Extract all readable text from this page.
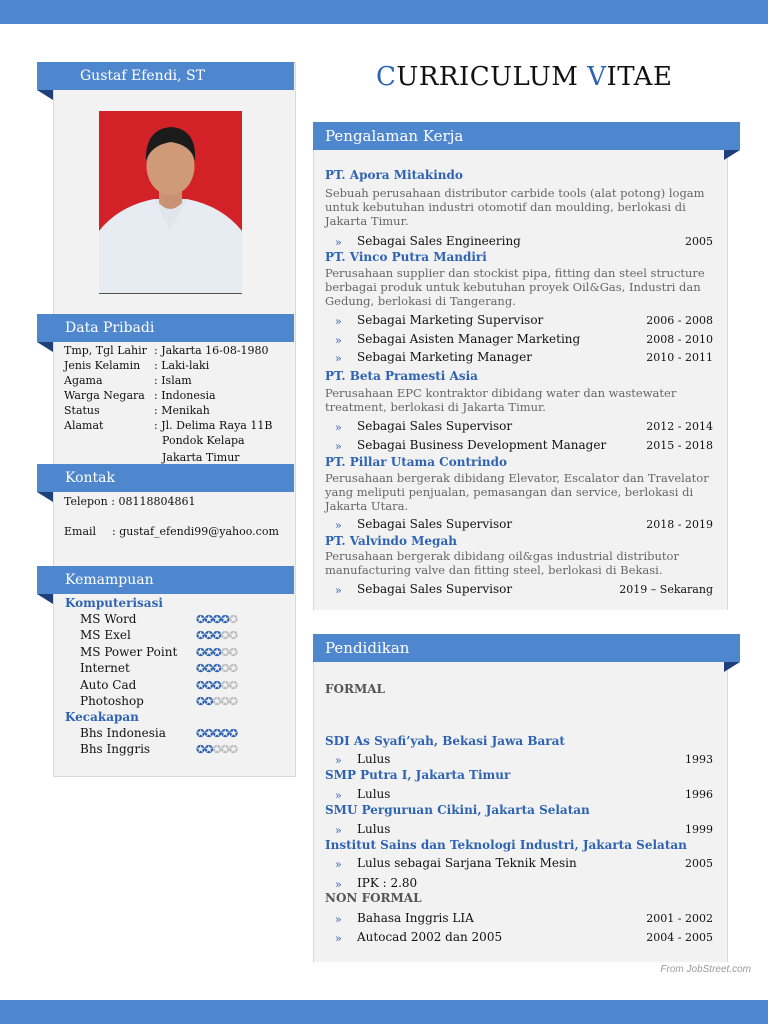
Gustaf Efendi, ST
Data Pribadi
Tmp, Tgl Lahir : Jakarta 16-08-1980
Jenis Kelamin	: Laki-laki
Agama	: Islam
Warga Negara : Indonesia
Status	: Menikah
Alamat	: Jl. Delima Raya 11B
Pondok Kelapa
Jakarta Timur
Kontak
Telepon : 08118804861
Email : gustaf_efendi99@yahoo.com
Kemampuan
Komputerisasi
MS Word	✪✪✪✪✪
MS Exel	✪✪✪✪✪
MS Power Point ✪✪✪✪✪
Internet	✪✪✪✪✪
Auto Cad	✪✪✪✪✪
Photoshop	✪✪✪✪✪
Kecakapan
Bhs Indonesia	✪✪✪✪✪
Bhs Inggris	✪✪✪✪✪
CURRICULUM VITAE
Pengalaman Kerja
PT. Apora Mitakindo
Sebuah perusahaan distributor carbide tools (alat potong) logam untuk kebutuhan industri otomotif dan moulding, berlokasi di Jakarta Timur.
» Sebagai Sales Engineering	2005
PT. Vinco Putra Mandiri
Perusahaan supplier dan stockist pipa, fitting dan steel structure berbagai produk untuk kebutuhan proyek Oil&Gas, Industri dan Gedung, berlokasi di Tangerang.
» Sebagai Marketing Supervisor	2006 - 2008
» Sebagai Asisten Manager Marketing	2008 - 2010
» Sebagai Marketing Manager	2010 - 2011
PT. Beta Pramesti Asia
Perusahaan EPC kontraktor dibidang water dan wastewater treatment, berlokasi di Jakarta Timur.
» Sebagai Sales Supervisor	2012 - 2014
» Sebagai Business Development Manager	2015 - 2018
PT. Pillar Utama Contrindo
Perusahaan bergerak dibidang Elevator, Escalator dan Travelator yang meliputi penjualan, pemasangan dan service, berlokasi di Jakarta Utara.
» Sebagai Sales Supervisor	2018 - 2019
PT. Valvindo Megah
Perusahaan bergerak dibidang oil&gas industrial distributor manufacturing valve dan fitting steel, berlokasi di Bekasi.
» Sebagai Sales Supervisor	2019 – Sekarang
Pendidikan
FORMAL
SDI As Syafi’yah, Bekasi Jawa Barat
» Lulus	1993
SMP Putra I, Jakarta Timur
» Lulus	1996
SMU Perguruan Cikini, Jakarta Selatan
» Lulus	1999
Institut Sains dan Teknologi Industri, Jakarta Selatan
» Lulus sebagai Sarjana Teknik Mesin	2005
» IPK : 2.80
NON FORMAL
» Bahasa Inggris LIA	2001 - 2002
» Autocad 2002 dan 2005	2004 - 2005
From JobStreet.com
